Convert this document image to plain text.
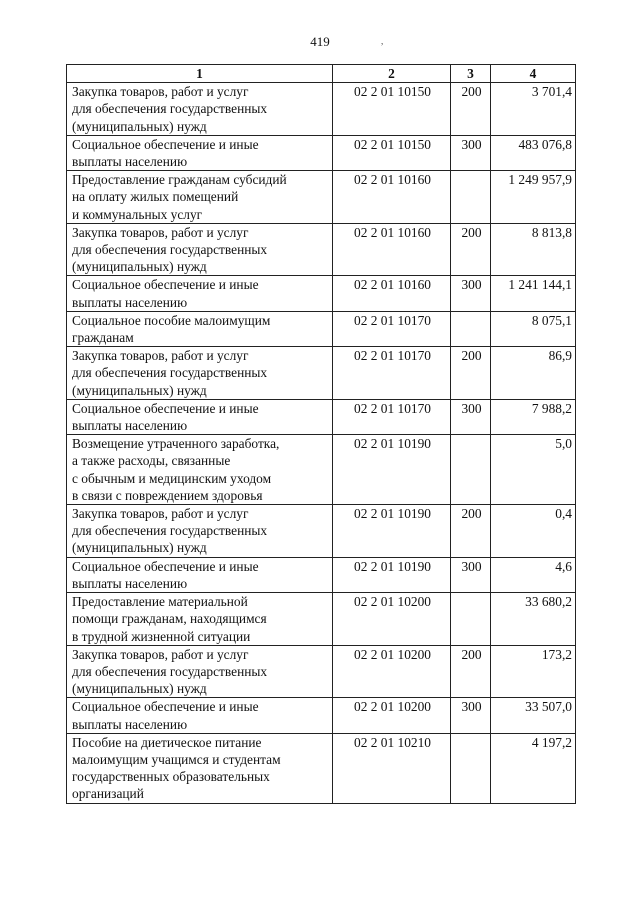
419	,
1	2	3	4
Закупка товаров, работ и услуг
для обеспечения государственных
(муниципальных) нужд	02 2 01 10150	200	3 701,4
Социальное обеспечение и иные
выплаты населению	02 2 01 10150	300	483 076,8
Предоставление гражданам субсидий
на оплату жилых помещений
и коммунальных услуг	02 2 01 10160		1 249 957,9
Закупка товаров, работ и услуг
для обеспечения государственных
(муниципальных) нужд	02 2 01 10160	200	8 813,8
Социальное обеспечение и иные
выплаты населению	02 2 01 10160	300	1 241 144,1
Социальное пособие малоимущим
гражданам	02 2 01 10170		8 075,1
Закупка товаров, работ и услуг
для обеспечения государственных
(муниципальных) нужд	02 2 01 10170	200	86,9
Социальное обеспечение и иные
выплаты населению	02 2 01 10170	300	7 988,2
Возмещение утраченного заработка,
а также расходы, связанные
с обычным и медицинским уходом
в связи с повреждением здоровья	02 2 01 10190		5,0
Закупка товаров, работ и услуг
для обеспечения государственных
(муниципальных) нужд	02 2 01 10190	200	0,4
Социальное обеспечение и иные
выплаты населению	02 2 01 10190	300	4,6
Предоставление материальной
помощи гражданам, находящимся
в трудной жизненной ситуации	02 2 01 10200		33 680,2
Закупка товаров, работ и услуг
для обеспечения государственных
(муниципальных) нужд	02 2 01 10200	200	173,2
Социальное обеспечение и иные
выплаты населению	02 2 01 10200	300	33 507,0
Пособие на диетическое питание
малоимущим учащимся и студентам
государственных образовательных
организаций	02 2 01 10210		4 197,2
